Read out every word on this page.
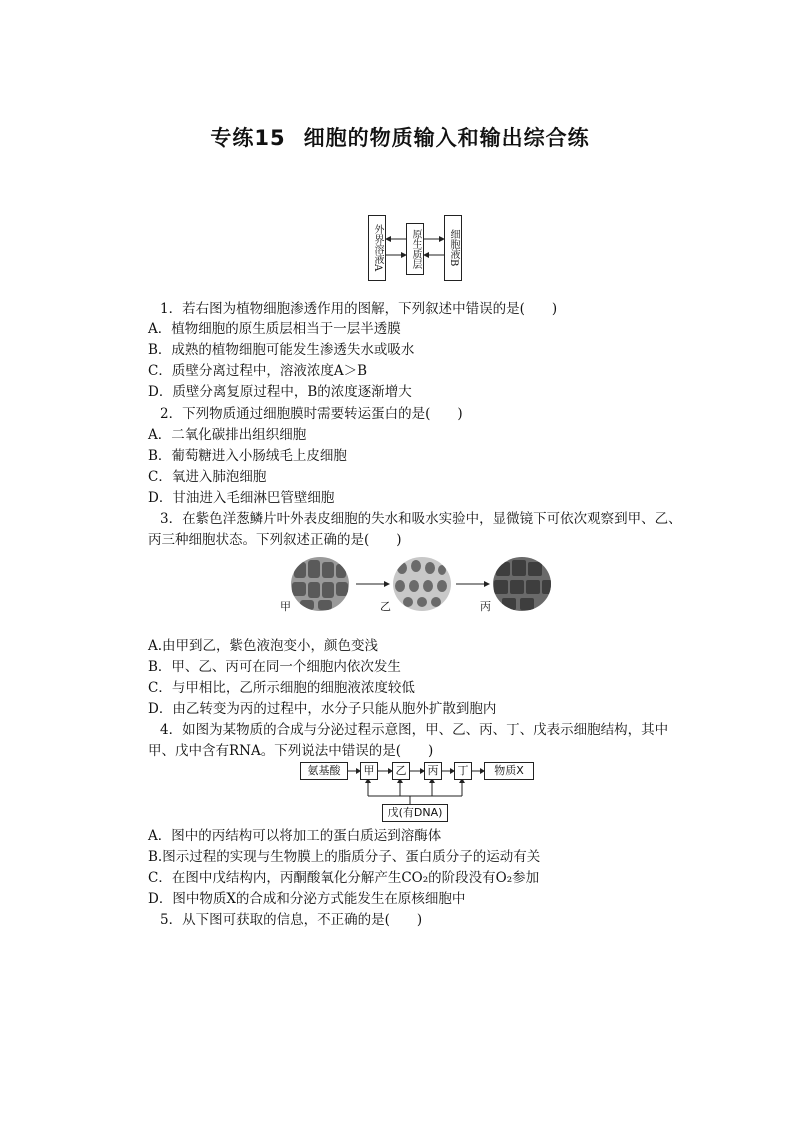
专练15 细胞的物质输入和输出综合练
外界溶液A	原生质层	细胞液B
1．若右图为植物细胞渗透作用的图解，下列叙述中错误的是(　　)
A．植物细胞的原生质层相当于一层半透膜
B．成熟的植物细胞可能发生渗透失水或吸水
C．质壁分离过程中，溶液浓度A＞B
D．质壁分离复原过程中，B的浓度逐渐增大
2．下列物质通过细胞膜时需要转运蛋白的是(　　)
A．二氧化碳排出组织细胞
B．葡萄糖进入小肠绒毛上皮细胞
C．氧进入肺泡细胞
D．甘油进入毛细淋巴管壁细胞
3．在紫色洋葱鳞片叶外表皮细胞的失水和吸水实验中，显微镜下可依次观察到甲、乙、
丙三种细胞状态。下列叙述正确的是(　　)
甲	乙	丙
A.由甲到乙，紫色液泡变小，颜色变浅
B．甲、乙、丙可在同一个细胞内依次发生
C．与甲相比，乙所示细胞的细胞液浓度较低
D．由乙转变为丙的过程中，水分子只能从胞外扩散到胞内
4．如图为某物质的合成与分泌过程示意图，甲、乙、丙、丁、戊表示细胞结构，其中
甲、戊中含有RNA。下列说法中错误的是(　　)
氨基酸	甲	乙	丙	丁	物质X
戊(有DNA)
A．图中的丙结构可以将加工的蛋白质运到溶酶体
B.图示过程的实现与生物膜上的脂质分子、蛋白质分子的运动有关
C．在图中戊结构内，丙酮酸氧化分解产生CO₂的阶段没有O₂参加
D．图中物质X的合成和分泌方式能发生在原核细胞中
5．从下图可获取的信息，不正确的是(　　)
